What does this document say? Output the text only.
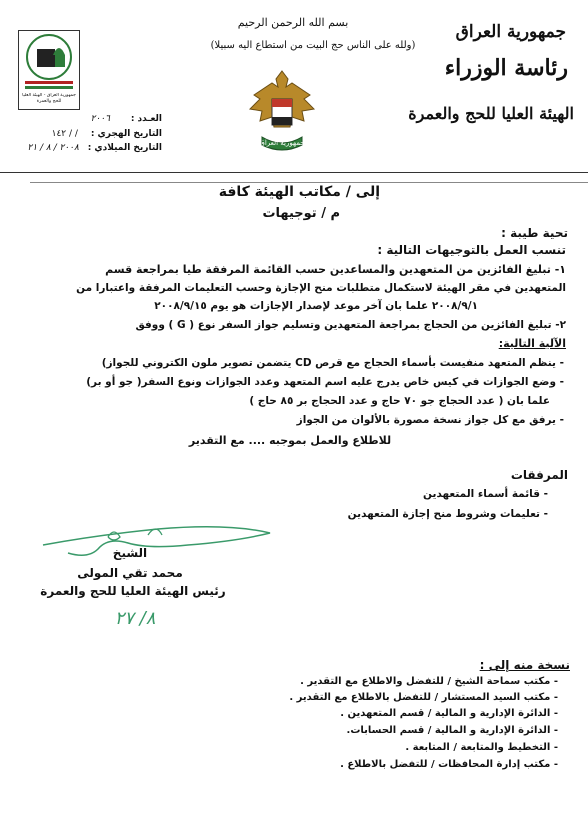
جمهورية العراق
رئاسة الوزراء
الهيئة العليا للحج والعمرة
بسم الله الرحمن الرحيم
(ولله على الناس حج البيت من استطاع اليه سبيلا)
جمهورية العراق
جمهورية العراق - الهيئة العليا للحج والعمرة
العـدد : ٢٠٠٦
التاريخ الهجري : / / ١٤٢
التاريخ الميلادي : ٢٠٠٨ / ٨ / ٢١
إلى / مكاتب الهيئة كافة
م / توجيهات
تحية طيبة :
تنسب العمل بالتوجيهات التالية :
١- تبليغ الفائزين من المتعهدين والمساعدين حسب القائمة المرفقة طيا بمراجعة قسم
المتعهدين في مقر الهيئة لاستكمال متطلبات منح الإجازة وحسب التعليمات المرفقة واعتبارا من
٢٠٠٨/٩/١ علما بان آخر موعد لإصدار الإجازات هو يوم ٢٠٠٨/٩/١٥
٢- تبليغ الفائزين من الحجاج بمراجعة المتعهدين وتسليم جواز السفر نوع ( G ) ووفق
الآلية التالية:
- ينظم المتعهد منفيست بأسماء الحجاج مع قرص CD يتضمن تصوير ملون الكتروني للجواز)
- وضع الجوازات في كيس خاص يدرج عليه اسم المتعهد وعدد الجوازات ونوع السفر( جو أو بر)
علما بان ( عدد الحجاج جو ٧٠ حاج و عدد الحجاج بر ٨٥ حاج )
- يرفق مع كل جواز نسخة مصورة بالألوان من الجواز
للاطلاع والعمل بموجبه .... مع التقدير
المرفقات
- قائمة أسماء المتعهدين
- تعليمات وشروط منح إجازة المتعهدين
الشيخ
محمد تقي المولى
رئيس الهيئة العليا للحج والعمرة
٨/ ٢٧
نسخة منه إلى :
- مكتب سماحة الشيخ / للتفضل والاطلاع مع التقدير .
- مكتب السيد المستشار / للتفضل بالاطلاع مع التقدير .
- الدائرة الإدارية و المالية / قسم المتعهدين .
- الدائرة الإدارية و المالية / قسم الحسابات.
- التخطيط والمتابعة / المتابعة .
- مكتب إدارة المحافظات / للتفضل بالاطلاع .
